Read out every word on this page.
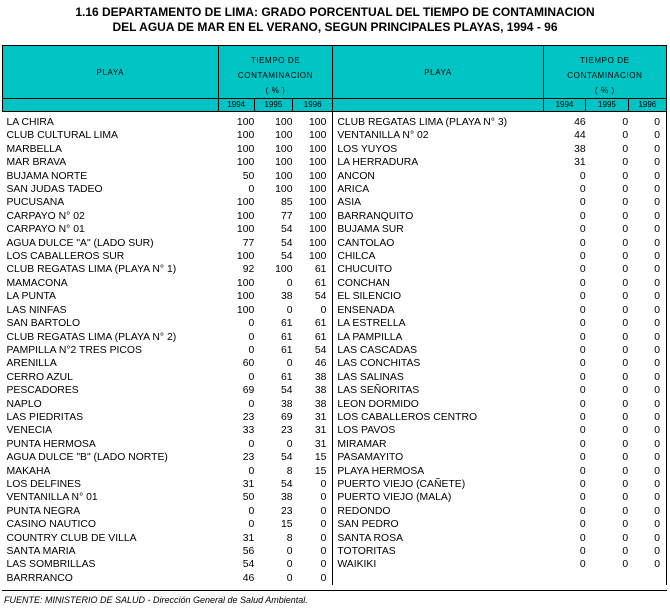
1.16 DEPARTAMENTO DE LIMA: GRADO PORCENTUAL DEL TIEMPO DE CONTAMINACION
DEL AGUA DE MAR EN EL VERANO, SEGUN PRINCIPALES PLAYAS, 1994 - 96
PLAYA				PLAYA			
	TIEMPO DE				TIEMPO DE		
	CONTAMINACION				CONTAMINACION		
	( % )				( % )		
	1994	1995	1996		1994	1995	1996

LA CHIRA	100	100	100	CLUB REGATAS LIMA (PLAYA N° 3)	46	0	0
CLUB CULTURAL LIMA	100	100	100	VENTANILLA N° 02	44	0	0
MARBELLA	100	100	100	LOS YUYOS	38	0	0
MAR BRAVA	100	100	100	LA HERRADURA	31	0	0
BUJAMA NORTE	50	100	100	ANCON	0	0	0
SAN JUDAS TADEO	0	100	100	ARICA	0	0	0
PUCUSANA	100	85	100	ASIA	0	0	0
CARPAYO N° 02	100	77	100	BARRANQUITO	0	0	0
CARPAYO N° 01	100	54	100	BUJAMA SUR	0	0	0
AGUA DULCE "A" (LADO SUR)	77	54	100	CANTOLAO	0	0	0
LOS CABALLEROS SUR	100	54	100	CHILCA	0	0	0
CLUB REGATAS LIMA (PLAYA N° 1)	92	100	61	CHUCUITO	0	0	0
MAMACONA	100	0	61	CONCHAN	0	0	0
LA PUNTA	100	38	54	EL SILENCIO	0	0	0
LAS NINFAS	100	0	0	ENSENADA	0	0	0
SAN BARTOLO	0	61	61	LA ESTRELLA	0	0	0
CLUB REGATAS LIMA (PLAYA N° 2)	0	61	61	LA PAMPILLA	0	0	0
PAMPILLA N°2 TRES PICOS	0	61	54	LAS CASCADAS	0	0	0
ARENILLA	60	0	46	LAS CONCHITAS	0	0	0
CERRO AZUL	0	61	38	LAS SALINAS	0	0	0
PESCADORES	69	54	38	LAS SEÑORITAS	0	0	0
NAPLO	0	38	38	LEON DORMIDO	0	0	0
LAS PIEDRITAS	23	69	31	LOS CABALLEROS CENTRO	0	0	0
VENECIA	33	23	31	LOS PAVOS	0	0	0
PUNTA HERMOSA	0	0	31	MIRAMAR	0	0	0
AGUA DULCE "B" (LADO NORTE)	23	54	15	PASAMAYITO	0	0	0
MAKAHA	0	8	15	PLAYA HERMOSA	0	0	0
LOS DELFINES	31	54	0	PUERTO VIEJO (CAÑETE)	0	0	0
VENTANILLA N° 01	50	38	0	PUERTO VIEJO (MALA)	0	0	0
PUNTA NEGRA	0	23	0	REDONDO	0	0	0
CASINO NAUTICO	0	15	0	SAN PEDRO	0	0	0
COUNTRY CLUB DE VILLA	31	8	0	SANTA ROSA	0	0	0
SANTA MARIA	56	0	0	TOTORITAS	0	0	0
LAS SOMBRILLAS	54	0	0	WAIKIKI	0	0	0
BARRRANCO	46	0	0				
FUENTE: MINISTERIO DE SALUD - Dirección General de Salud Ambiental.
